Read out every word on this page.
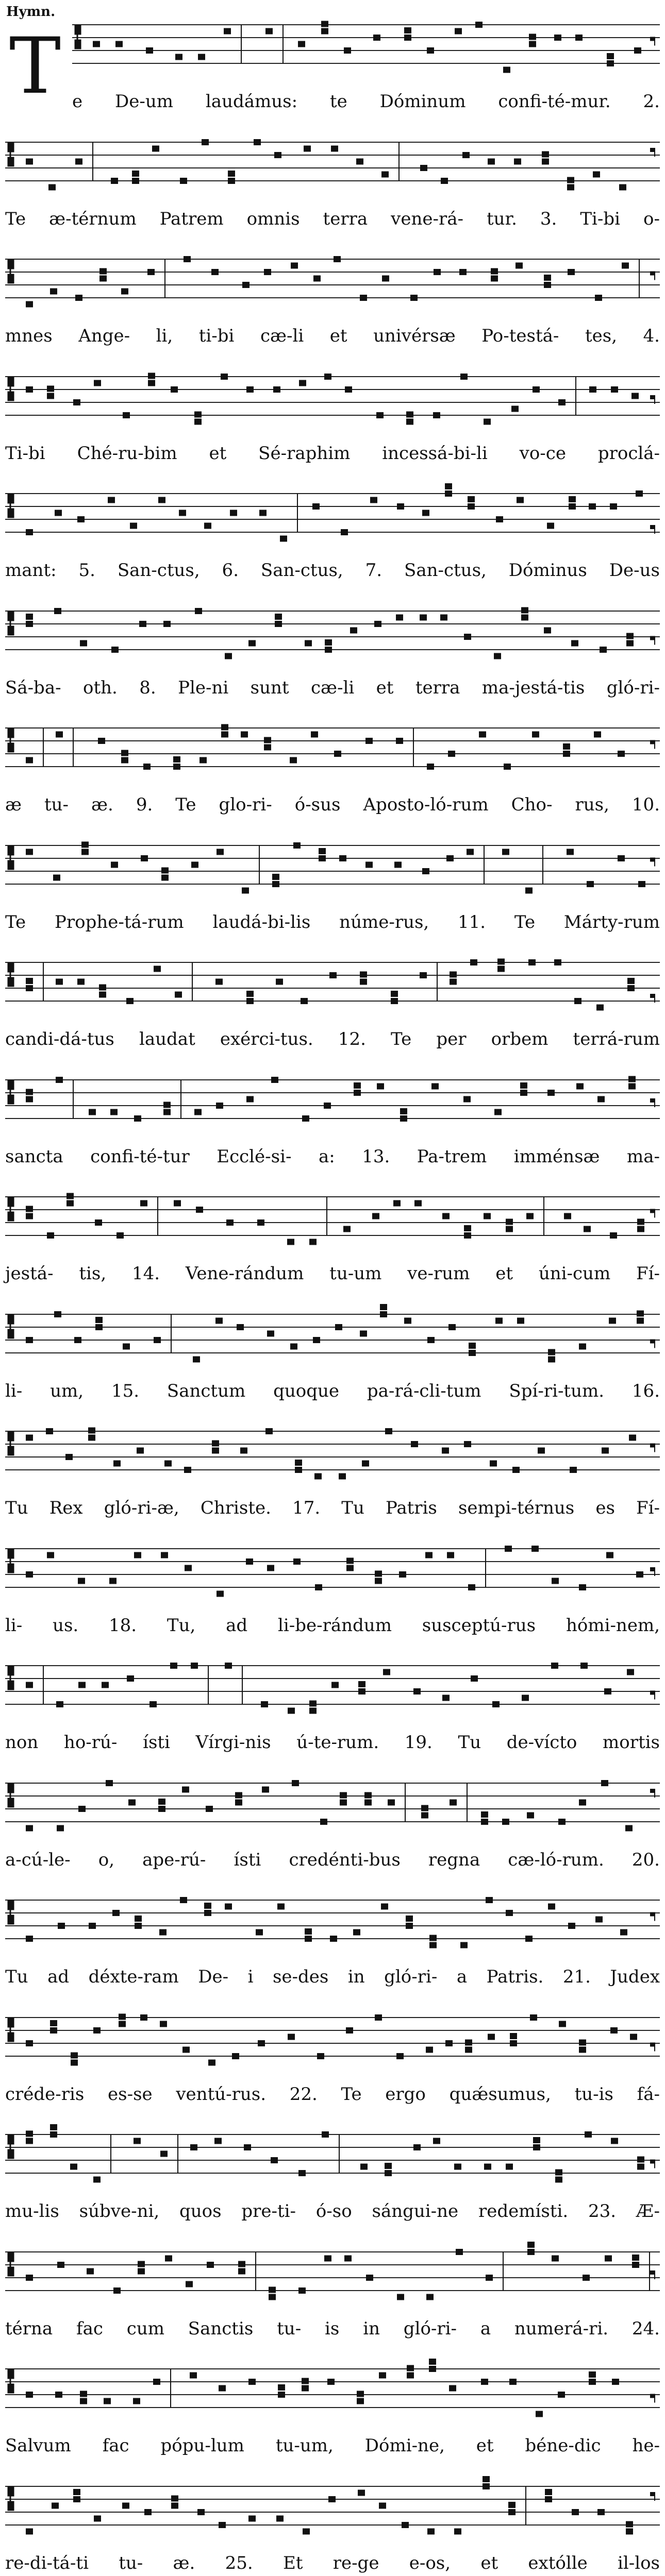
Hymn.
T e De-um laudámus: te Dóminum confi-té-mur. 2.
Te æ-térnum Patrem omnis terra vene-rá- tur. 3. Ti-bi o-
mnes Ange- li, ti-bi cæ-li et univérsæ Po-testá- tes, 4.
Ti-bi Ché-ru-bim et Sé-raphim incessá-bi-li vo-ce proclá-
mant: 5. San-ctus, 6. San-ctus, 7. San-ctus, Dóminus De-us
Sá-ba- oth. 8. Ple-ni sunt cæ-li et terra ma-jestá-tis gló-ri-
æ tu- æ. 9. Te glo-ri- ó-sus Aposto-ló-rum Cho- rus, 10.
Te Prophe-tá-rum laudá-bi-lis núme-rus, 11. Te Márty-rum
candi-dá-tus laudat exérci-tus. 12. Te per orbem terrá-rum
sancta confi-té-tur Ecclé-si- a: 13. Pa-trem imménsæ ma-
jestá- tis, 14. Vene-rándum tu-um ve-rum et úni-cum Fí-
li- um, 15. Sanctum quoque pa-rá-cli-tum Spí-ri-tum. 16.
Tu Rex gló-ri-æ, Christe. 17. Tu Patris sempi-térnus es Fí-
li- us. 18. Tu, ad li-be-rándum susceptú-rus hómi-nem,
non ho-rú- ísti Vírgi-nis ú-te-rum. 19. Tu de-vícto mortis
a-cú-le- o, ape-rú- ísti credénti-bus regna cæ-ló-rum. 20.
Tu ad déxte-ram De- i se-des in gló-ri- a Patris. 21. Judex
créde-ris es-se ventú-rus. 22. Te ergo quǽsumus, tu-is fá-
mu-lis súbve-ni, quos pre-ti- ó-so sángui-ne redemísti. 23. Æ-
térna fac cum Sanctis tu- is in gló-ri- a numerá-ri. 24.
Salvum fac pópu-lum tu-um, Dómi-ne, et béne-dic he-
re-di-tá-ti tu- æ. 25. Et re-ge e-os, et extólle il-los
